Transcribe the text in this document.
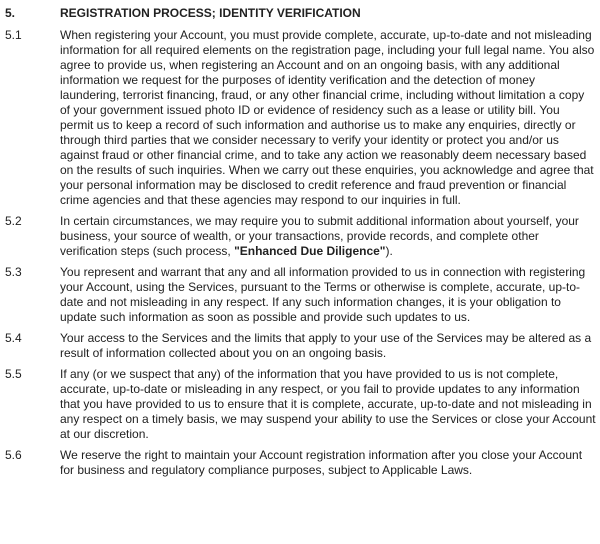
5.	REGISTRATION PROCESS; IDENTITY VERIFICATION
5.1	When registering your Account, you must provide complete, accurate, up-to-date and not misleading information for all required elements on the registration page, including your full legal name. You also agree to provide us, when registering an Account and on an ongoing basis, with any additional information we request for the purposes of identity verification and the detection of money laundering, terrorist financing, fraud, or any other financial crime, including without limitation a copy of your government issued photo ID or evidence of residency such as a lease or utility bill. You permit us to keep a record of such information and authorise us to make any enquiries, directly or through third parties that we consider necessary to verify your identity or protect you and/or us against fraud or other financial crime, and to take any action we reasonably deem necessary based on the results of such inquiries. When we carry out these enquiries, you acknowledge and agree that your personal information may be disclosed to credit reference and fraud prevention or financial crime agencies and that these agencies may respond to our inquiries in full.
5.2	In certain circumstances, we may require you to submit additional information about yourself, your business, your source of wealth, or your transactions, provide records, and complete other verification steps (such process, "Enhanced Due Diligence").
5.3	You represent and warrant that any and all information provided to us in connection with registering your Account, using the Services, pursuant to the Terms or otherwise is complete, accurate, up-to-date and not misleading in any respect. If any such information changes, it is your obligation to update such information as soon as possible and provide such updates to us.
5.4	Your access to the Services and the limits that apply to your use of the Services may be altered as a result of information collected about you on an ongoing basis.
5.5	If any (or we suspect that any) of the information that you have provided to us is not complete, accurate, up-to-date or misleading in any respect, or you fail to provide updates to any information that you have provided to us to ensure that it is complete, accurate, up-to-date and not misleading in any respect on a timely basis, we may suspend your ability to use the Services or close your Account at our discretion.
5.6	We reserve the right to maintain your Account registration information after you close your Account for business and regulatory compliance purposes, subject to Applicable Laws.
